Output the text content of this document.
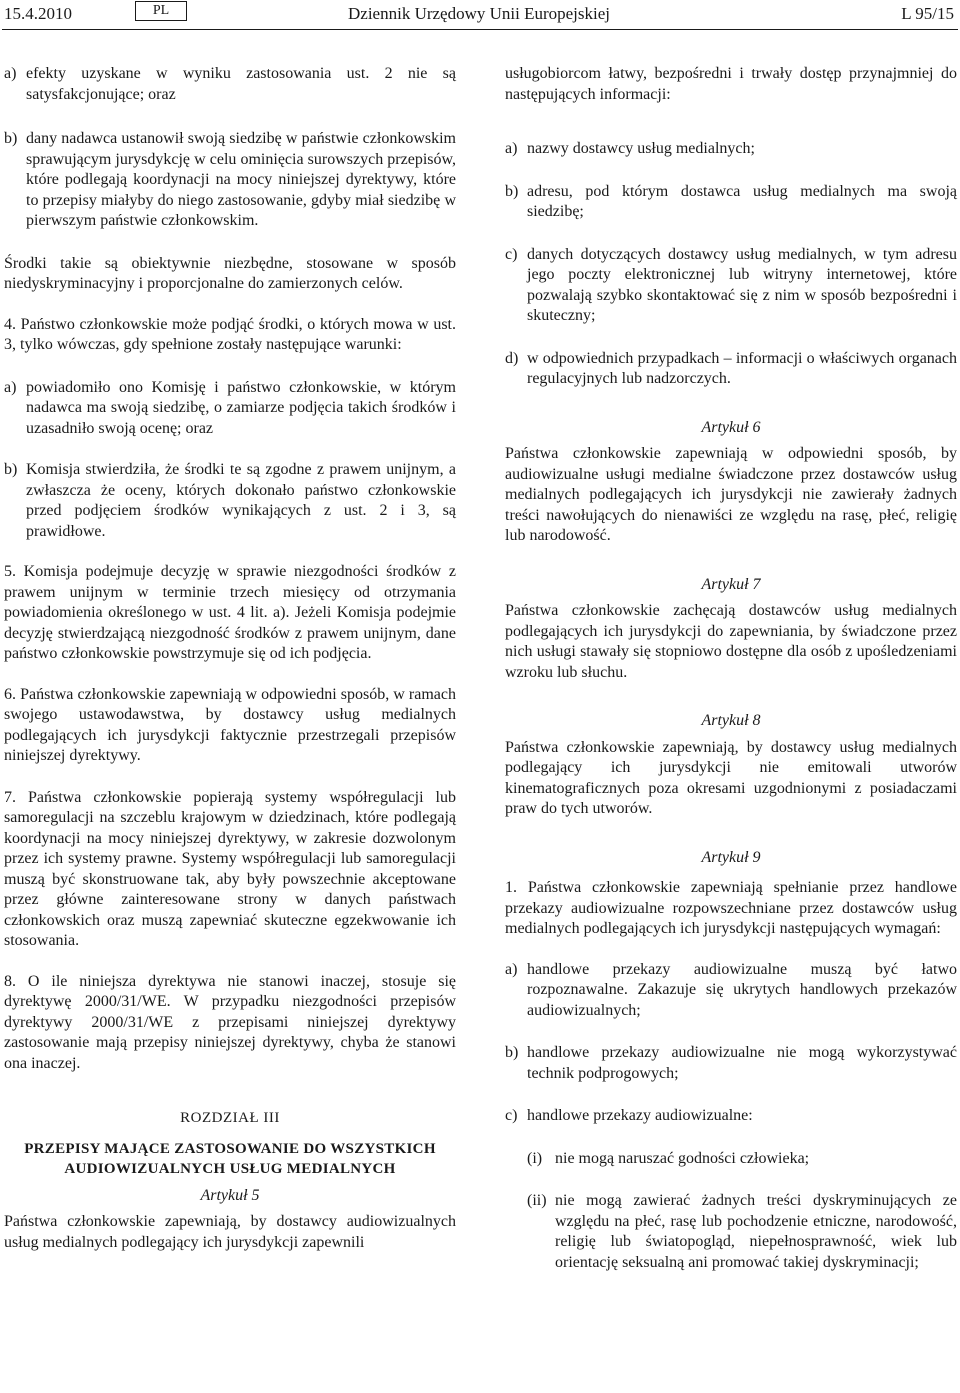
15.4.2010	PL	Dziennik Urzędowy Unii Europejskiej	L 95/15
a) efekty uzyskane w wyniku zastosowania ust. 2 nie są satysfakcjonujące; oraz
b) dany nadawca ustanowił swoją siedzibę w państwie członkowskim sprawującym jurysdykcję w celu ominięcia surowszych przepisów, które podlegają koordynacji na mocy niniejszej dyrektywy, które to przepisy miałyby do niego zastosowanie, gdyby miał siedzibę w pierwszym państwie członkowskim.
Środki takie są obiektywnie niezbędne, stosowane w sposób niedyskryminacyjny i proporcjonalne do zamierzonych celów.
4. Państwo członkowskie może podjąć środki, o których mowa w ust. 3, tylko wówczas, gdy spełnione zostały następujące warunki:
a) powiadomiło ono Komisję i państwo członkowskie, w którym nadawca ma swoją siedzibę, o zamiarze podjęcia takich środków i uzasadniło swoją ocenę; oraz
b) Komisja stwierdziła, że środki te są zgodne z prawem unijnym, a zwłaszcza że oceny, których dokonało państwo członkowskie przed podjęciem środków wynikających z ust. 2 i 3, są prawidłowe.
5. Komisja podejmuje decyzję w sprawie niezgodności środków z prawem unijnym w terminie trzech miesięcy od otrzymania powiadomienia określonego w ust. 4 lit. a). Jeżeli Komisja podejmie decyzję stwierdzającą niezgodność środków z prawem unijnym, dane państwo członkowskie powstrzymuje się od ich podjęcia.
6. Państwa członkowskie zapewniają w odpowiedni sposób, w ramach swojego ustawodawstwa, by dostawcy usług medialnych podlegających ich jurysdykcji faktycznie przestrzegali przepisów niniejszej dyrektywy.
7. Państwa członkowskie popierają systemy współregulacji lub samoregulacji na szczeblu krajowym w dziedzinach, które podlegają koordynacji na mocy niniejszej dyrektywy, w zakresie dozwolonym przez ich systemy prawne. Systemy współregulacji lub samoregulacji muszą być skonstruowane tak, aby były powszechnie akceptowane przez główne zainteresowane strony w danych państwach członkowskich oraz muszą zapewniać skuteczne egzekwowanie ich stosowania.
8. O ile niniejsza dyrektywa nie stanowi inaczej, stosuje się dyrektywę 2000/31/WE. W przypadku niezgodności przepisów dyrektywy 2000/31/WE z przepisami niniejszej dyrektywy zastosowanie mają przepisy niniejszej dyrektywy, chyba że stanowi ona inaczej.
ROZDZIAŁ III
PRZEPISY MAJĄCE ZASTOSOWANIE DO WSZYSTKICH AUDIOWIZUALNYCH USŁUG MEDIALNYCH
Artykuł 5
Państwa członkowskie zapewniają, by dostawcy audiowizualnych usług medialnych podlegający ich jurysdykcji zapewnili
usługobiorcom łatwy, bezpośredni i trwały dostęp przynajmniej do następujących informacji:
a) nazwy dostawcy usług medialnych;
b) adresu, pod którym dostawca usług medialnych ma swoją siedzibę;
c) danych dotyczących dostawcy usług medialnych, w tym adresu jego poczty elektronicznej lub witryny internetowej, które pozwalają szybko skontaktować się z nim w sposób bezpośredni i skuteczny;
d) w odpowiednich przypadkach – informacji o właściwych organach regulacyjnych lub nadzorczych.
Artykuł 6
Państwa członkowskie zapewniają w odpowiedni sposób, by audiowizualne usługi medialne świadczone przez dostawców usług medialnych podlegających ich jurysdykcji nie zawierały żadnych treści nawołujących do nienawiści ze względu na rasę, płeć, religię lub narodowość.
Artykuł 7
Państwa członkowskie zachęcają dostawców usług medialnych podlegających ich jurysdykcji do zapewniania, by świadczone przez nich usługi stawały się stopniowo dostępne dla osób z upośledzeniami wzroku lub słuchu.
Artykuł 8
Państwa członkowskie zapewniają, by dostawcy usług medialnych podlegający ich jurysdykcji nie emitowali utworów kinematograficznych poza okresami uzgodnionymi z posiadaczami praw do tych utworów.
Artykuł 9
1. Państwa członkowskie zapewniają spełnianie przez handlowe przekazy audiowizualne rozpowszechniane przez dostawców usług medialnych podlegających ich jurysdykcji następujących wymagań:
a) handlowe przekazy audiowizualne muszą być łatwo rozpoznawalne. Zakazuje się ukrytych handlowych przekazów audiowizualnych;
b) handlowe przekazy audiowizualne nie mogą wykorzystywać technik podprogowych;
c) handlowe przekazy audiowizualne:
(i) nie mogą naruszać godności człowieka;
(ii) nie mogą zawierać żadnych treści dyskryminujących ze względu na płeć, rasę lub pochodzenie etniczne, narodowość, religię lub światopogląd, niepełnosprawność, wiek lub orientację seksualną ani promować takiej dyskryminacji;
